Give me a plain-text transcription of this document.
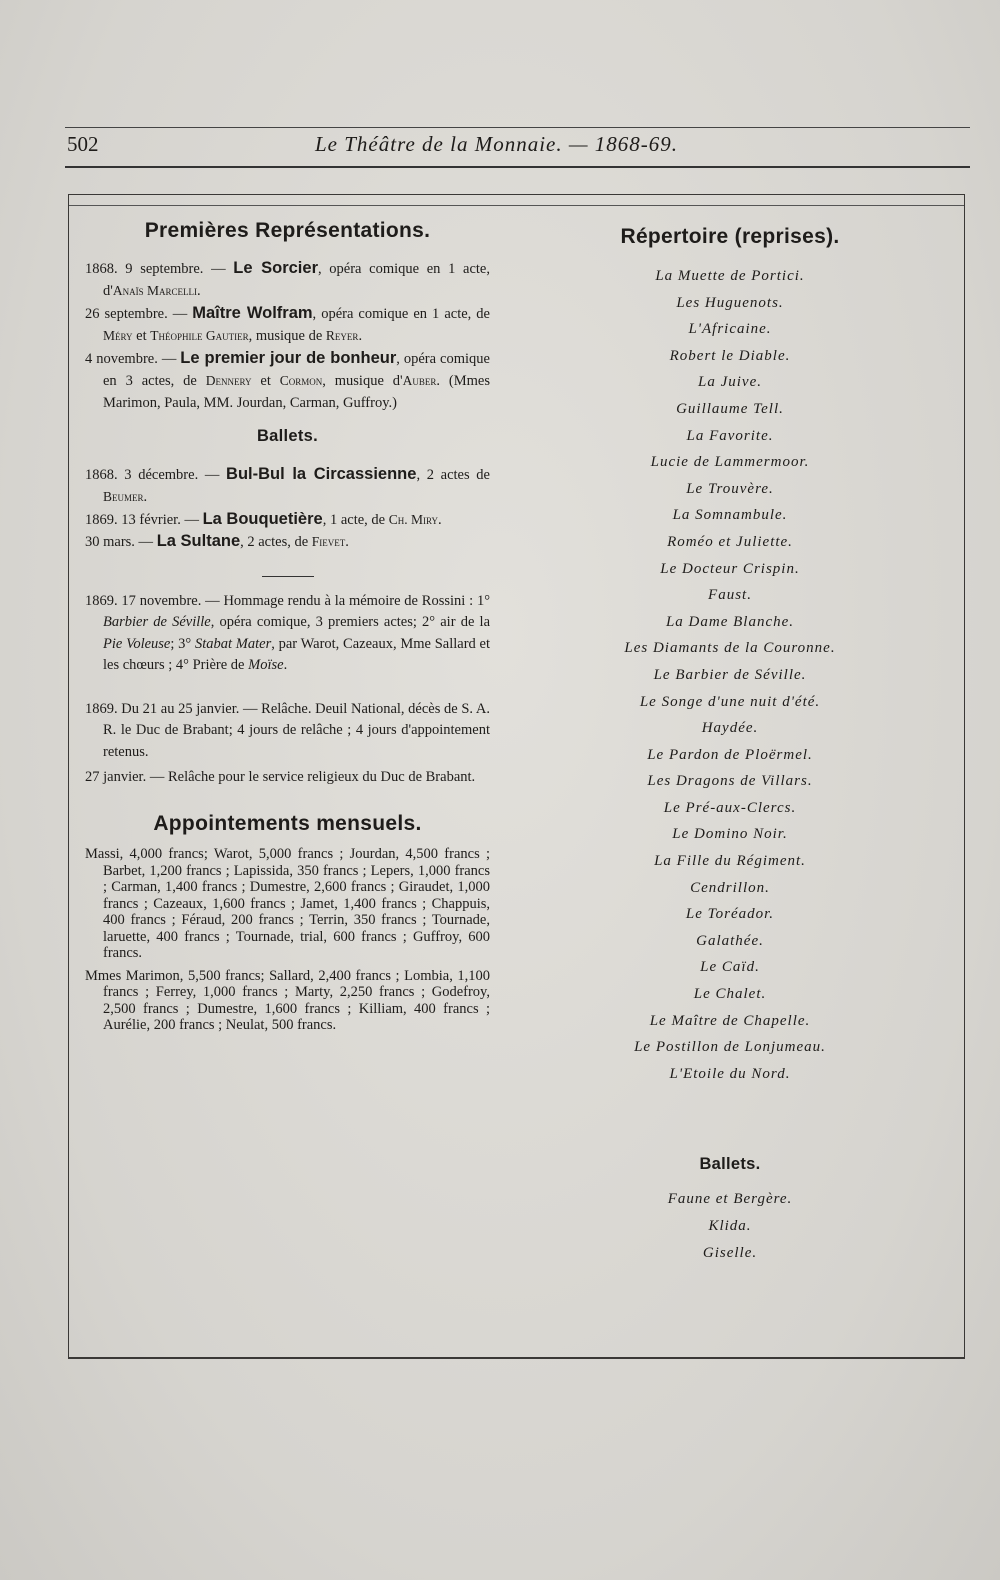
502	Le Théâtre de la Monnaie. — 1868-69.
Premières Représentations.

1868. 9 septembre. — Le Sorcier, opéra comique en 1 acte, d'Anaïs Marcelli.

26 septembre. — Maître Wolfram, opéra comique en 1 acte, de Méry et Théophile Gautier, musique de Reyer.

4 novembre. — Le premier jour de bonheur, opéra comique en 3 actes, de Dennery et Cormon, musique d'Auber. (Mmes Marimon, Paula, MM. Jourdan, Carman, Guffroy.)

Ballets.

1868. 3 décembre. — Bul-Bul la Circassienne, 2 actes de Beumer.

1869. 13 février. — La Bouquetière, 1 acte, de Ch. Miry.

30 mars. — La Sultane, 2 actes, de Fievet.

1869. 17 novembre. — Hommage rendu à la mémoire de Rossini : 1° Barbier de Séville, opéra comique, 3 premiers actes; 2° air de la Pie Voleuse; 3° Stabat Mater, par Warot, Cazeaux, Mme Sallard et les chœurs ; 4° Prière de Moïse.

1869. Du 21 au 25 janvier. — Relâche. Deuil National, décès de S. A. R. le Duc de Brabant; 4 jours de relâche ; 4 jours d'appointement retenus.

27 janvier. — Relâche pour le service religieux du Duc de Brabant.

Appointements mensuels.

Massi, 4,000 francs; Warot, 5,000 francs ; Jourdan, 4,500 francs ; Barbet, 1,200 francs ; Lapissida, 350 francs ; Lepers, 1,000 francs ; Carman, 1,400 francs ; Dumestre, 2,600 francs ; Giraudet, 1,000 francs ; Cazeaux, 1,600 francs ; Jamet, 1,400 francs ; Chappuis, 400 francs ; Féraud, 200 francs ; Terrin, 350 francs ; Tournade, laruette, 400 francs ; Tournade, trial, 600 francs ; Guffroy, 600 francs.

Mmes Marimon, 5,500 francs; Sallard, 2,400 francs ; Lombia, 1,100 francs ; Ferrey, 1,000 francs ; Marty, 2,250 francs ; Godefroy, 2,500 francs ; Dumestre, 1,600 francs ; Killiam, 400 francs ; Aurélie, 200 francs ; Neulat, 500 francs.

Répertoire (reprises).

La Muette de Portici.

Les Huguenots.

L'Africaine.

Robert le Diable.

La Juive.

Guillaume Tell.

La Favorite.

Lucie de Lammermoor.

Le Trouvère.

La Somnambule.

Roméo et Juliette.

Le Docteur Crispin.

Faust.

La Dame Blanche.

Les Diamants de la Couronne.

Le Barbier de Séville.

Le Songe d'une nuit d'été.

Haydée.

Le Pardon de Ploërmel.

Les Dragons de Villars.

Le Pré-aux-Clercs.

Le Domino Noir.

La Fille du Régiment.

Cendrillon.

Le Toréador.

Galathée.

Le Caïd.

Le Chalet.

Le Maître de Chapelle.

Le Postillon de Lonjumeau.

L'Etoile du Nord.

Ballets.

Faune et Bergère.

Klida.

Giselle.
